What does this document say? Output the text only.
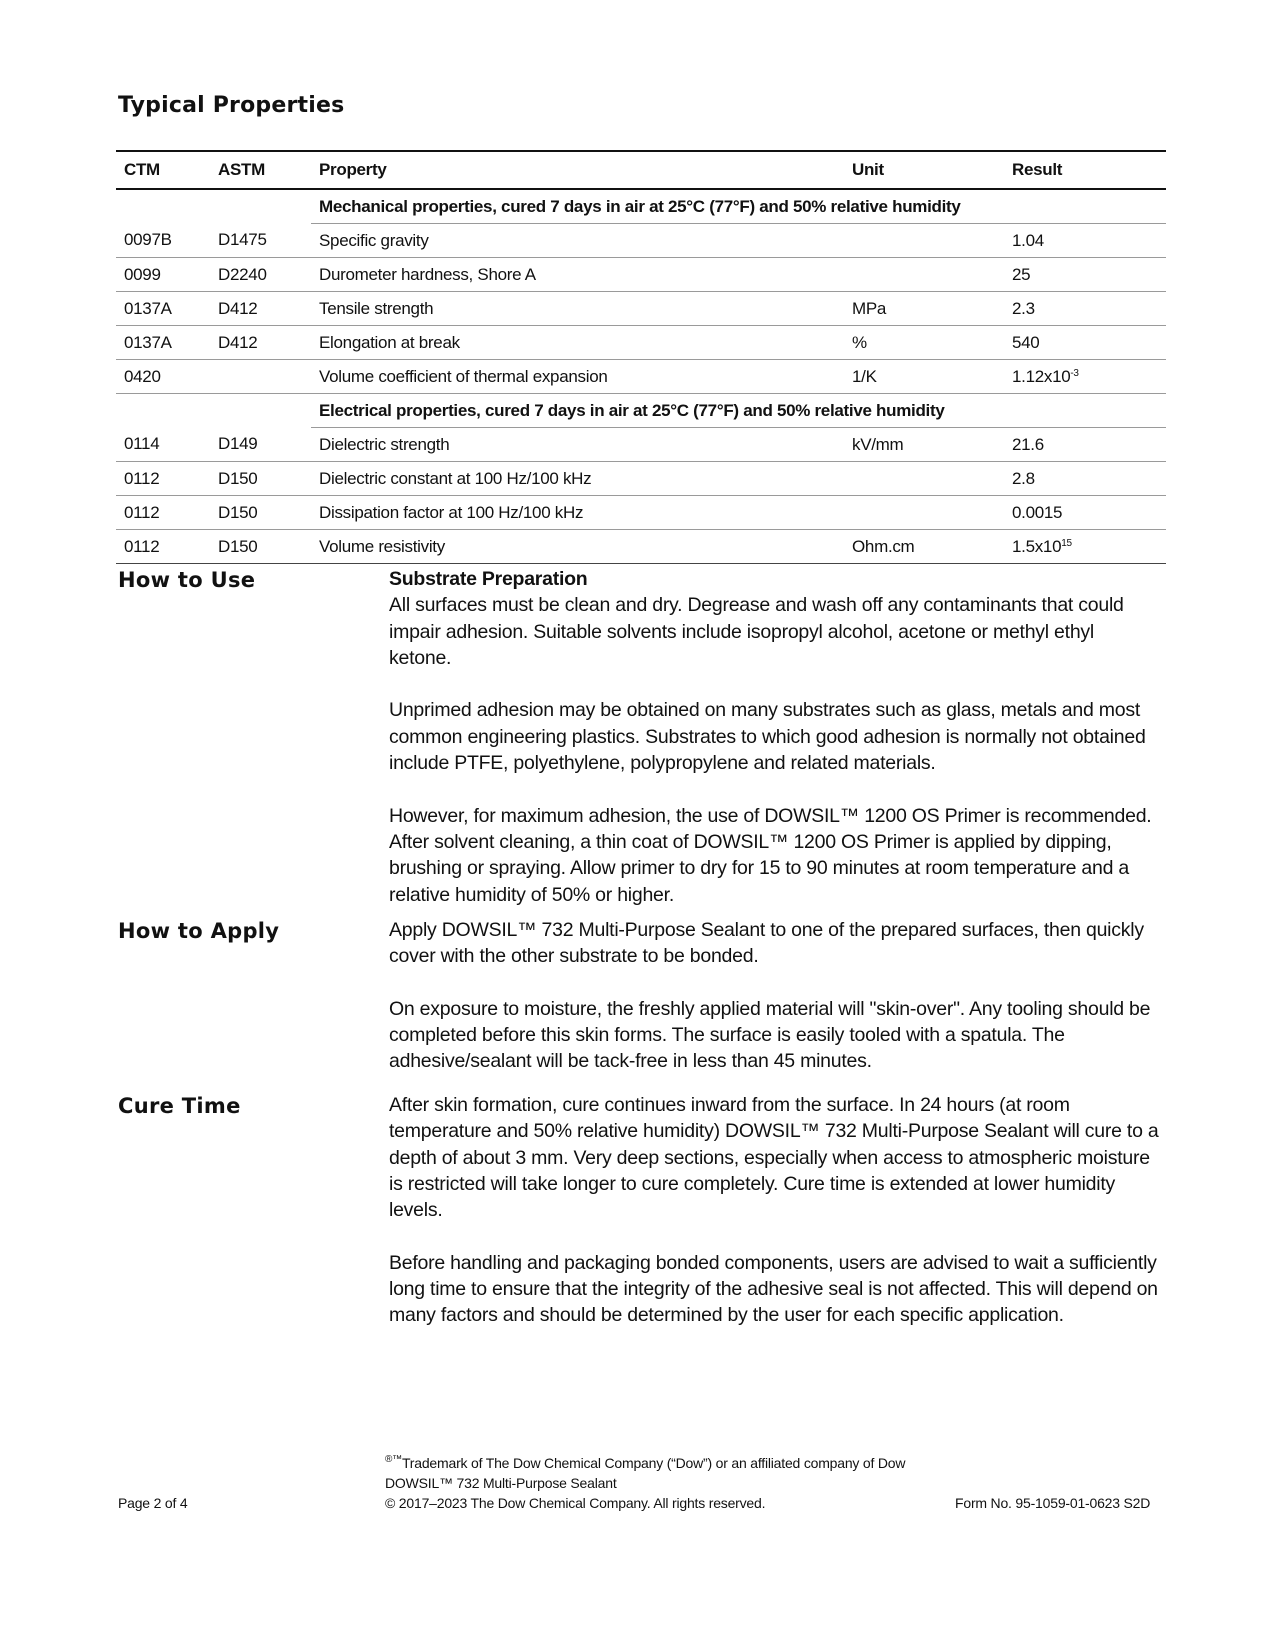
Typical Properties
CTM	ASTM	Property	Unit	Result
		Mechanical properties, cured 7 days in air at 25°C (77°F) and 50% relative humidity		
0097B	D1475	Specific gravity		1.04
0099	D2240	Durometer hardness, Shore A		25
0137A	D412	Tensile strength	MPa	2.3
0137A	D412	Elongation at break	%	540
0420		Volume coefficient of thermal expansion	1/K	$1.12x10^{-3}$
		Electrical properties, cured 7 days in air at 25°C (77°F) and 50% relative humidity		
0114	D149	Dielectric strength	kV/mm	21.6
0112	D150	Dielectric constant at 100 Hz/100 kHz		2.8
0112	D150	Dissipation factor at 100 Hz/100 kHz		0.0015
0112	D150	Volume resistivity	Ohm.cm	$1.5x10^{15}$
How to Use	Substrate Preparation

All surfaces must be clean and dry. Degrease and wash off any contaminants that could impair adhesion. Suitable solvents include isopropyl alcohol, acetone or methyl ethyl ketone.

Unprimed adhesion may be obtained on many substrates such as glass, metals and most common engineering plastics. Substrates to which good adhesion is normally not obtained include PTFE, polyethylene, polypropylene and related materials.

However, for maximum adhesion, the use of DOWSIL™ 1200 OS Primer is recommended. After solvent cleaning, a thin coat of DOWSIL™ 1200 OS Primer is applied by dipping, brushing or spraying. Allow primer to dry for 15 to 90 minutes at room temperature and a relative humidity of 50% or higher.

How to Apply	Apply DOWSIL™ 732 Multi-Purpose Sealant to one of the prepared surfaces, then quickly cover with the other substrate to be bonded.

On exposure to moisture, the freshly applied material will "skin-over". Any tooling should be completed before this skin forms. The surface is easily tooled with a spatula. The adhesive/sealant will be tack-free in less than 45 minutes.

Cure Time	After skin formation, cure continues inward from the surface. In 24 hours (at room temperature and 50% relative humidity) DOWSIL™ 732 Multi-Purpose Sealant will cure to a depth of about 3 mm. Very deep sections, especially when access to atmospheric moisture is restricted will take longer to cure completely. Cure time is extended at lower humidity levels.

Before handling and packaging bonded components, users are advised to wait a sufficiently long time to ensure that the integrity of the adhesive seal is not affected. This will depend on many factors and should be determined by the user for each specific application.

®™Trademark of The Dow Chemical Company (“Dow”) or an affiliated company of Dow
DOWSIL™ 732 Multi-Purpose Sealant
Page 2 of 4	© 2017–2023 The Dow Chemical Company. All rights reserved.	Form No. 95-1059-01-0623 S2D
